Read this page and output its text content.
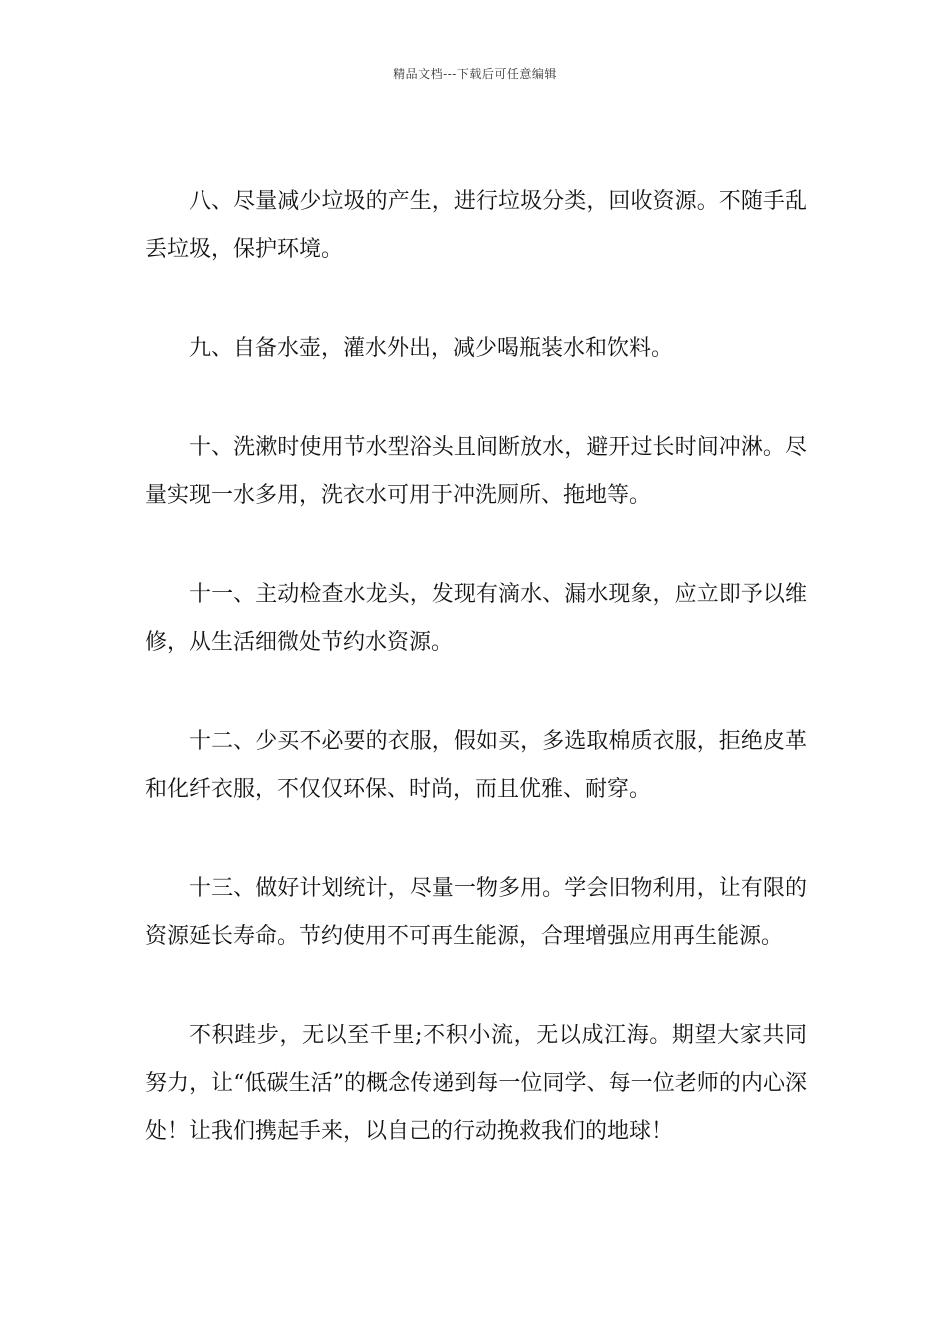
精品文档---下载后可任意编辑

八、尽量减少垃圾的产生，进行垃圾分类，回收资源。不随手乱丢垃圾，保护环境。

九、自备水壶，灌水外出，减少喝瓶装水和饮料。

十、洗漱时使用节水型浴头且间断放水，避开过长时间冲淋。尽量实现一水多用，洗衣水可用于冲洗厕所、拖地等。

十一、主动检查水龙头，发现有滴水、漏水现象，应立即予以维修，从生活细微处节约水资源。

十二、少买不必要的衣服，假如买，多选取棉质衣服，拒绝皮革和化纤衣服，不仅仅环保、时尚，而且优雅、耐穿。

十三、做好计划统计，尽量一物多用。学会旧物利用，让有限的资源延长寿命。节约使用不可再生能源，合理增强应用再生能源。

不积跬步，无以至千里;不积小流，无以成江海。期望大家共同努力，让“低碳生活”的概念传递到每一位同学、每一位老师的内心深处！让我们携起手来，以自己的行动挽救我们的地球！
